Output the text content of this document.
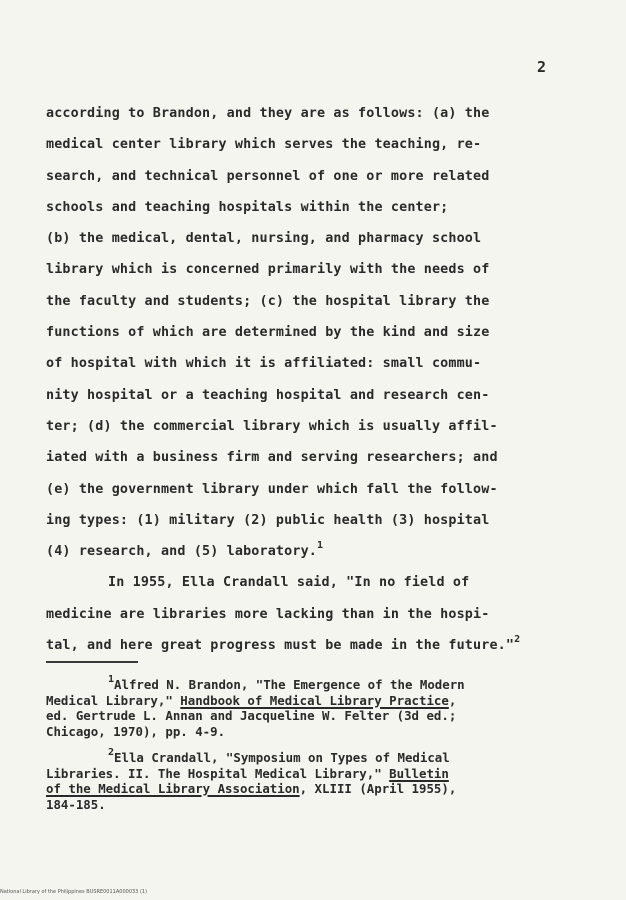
2
according to Brandon, and they are as follows: (a) the
medical center library which serves the teaching, re-
search, and technical personnel of one or more related
schools and teaching hospitals within the center;
(b) the medical, dental, nursing, and pharmacy school
library which is concerned primarily with the needs of
the faculty and students; (c) the hospital library the
functions of which are determined by the kind and size
of hospital with which it is affiliated: small commu-
nity hospital or a teaching hospital and research cen-
ter; (d) the commercial library which is usually affil-
iated with a business firm and serving researchers; and
(e) the government library under which fall the follow-
ing types: (1) military (2) public health (3) hospital
(4) research, and (5) laboratory.$^1$
In 1955, Ella Crandall said, "In no field of
medicine are libraries more lacking than in the hospi-
tal, and here great progress must be made in the future."$^2$
$^1$Alfred N. Brandon, "The Emergence of the Modern
Medical Library," Handbook of Medical Library Practice,
ed. Gertrude L. Annan and Jacqueline W. Felter (3d ed.;
Chicago, 1970), pp. 4-9.
$^2$Ella Crandall, "Symposium on Types of Medical
Libraries. II. The Hospital Medical Library," Bulletin
of the Medical Library Association, XLIII (April 1955),
184-185.
National Library of the Philippines BUSRE0011A000033 (1)
